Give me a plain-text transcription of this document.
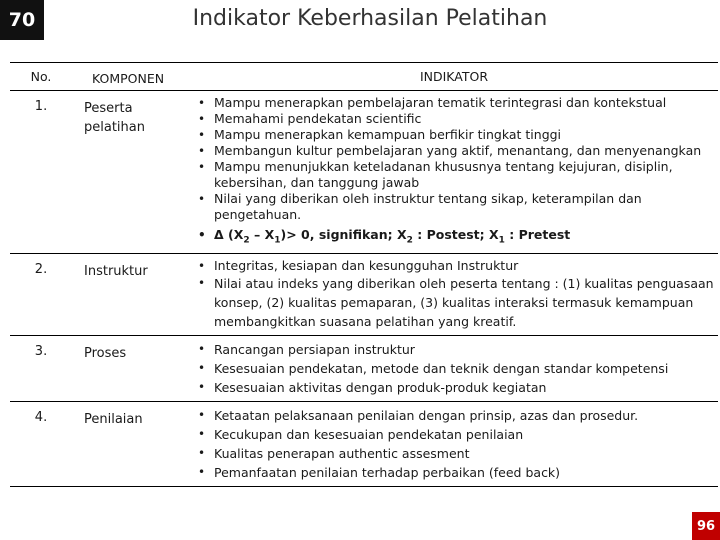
70	Indikator Keberhasilan Pelatihan
No.	KOMPONEN	INDIKATOR
1.	Peserta pelatihan
• Mampu menerapkan pembelajaran tematik terintegrasi dan kontekstual
• Memahami pendekatan scientific
• Mampu menerapkan kemampuan berfikir tingkat tinggi
• Membangun kultur pembelajaran yang aktif, menantang, dan menyenangkan
• Mampu menunjukkan keteladanan khususnya tentang kejujuran, disiplin, kebersihan, dan tanggung jawab
• Nilai yang diberikan oleh instruktur tentang sikap, keterampilan dan pengetahuan.
• Δ $(X_2 - X_1)> 0$, signifikan; $X_2$ : Postest; $X_1$ : Pretest
2.	Instruktur	• Integritas, kesiapan dan kesungguhan Instruktur
• Nilai atau indeks yang diberikan oleh peserta tentang : (1) kualitas penguasaan konsep, (2) kualitas pemaparan, (3) kualitas interaksi termasuk kemampuan membangkitkan suasana pelatihan yang kreatif.
3.	Proses	• Rancangan persiapan instruktur
• Kesesuaian pendekatan, metode dan teknik dengan standar kompetensi
• Kesesuaian aktivitas dengan produk-produk kegiatan
4.	Penilaian	• Ketaatan pelaksanaan penilaian dengan prinsip, azas dan prosedur.
• Kecukupan dan kesesuaian pendekatan penilaian
• Kualitas penerapan authentic assesment
• Pemanfaatan penilaian terhadap perbaikan (feed back)
96
